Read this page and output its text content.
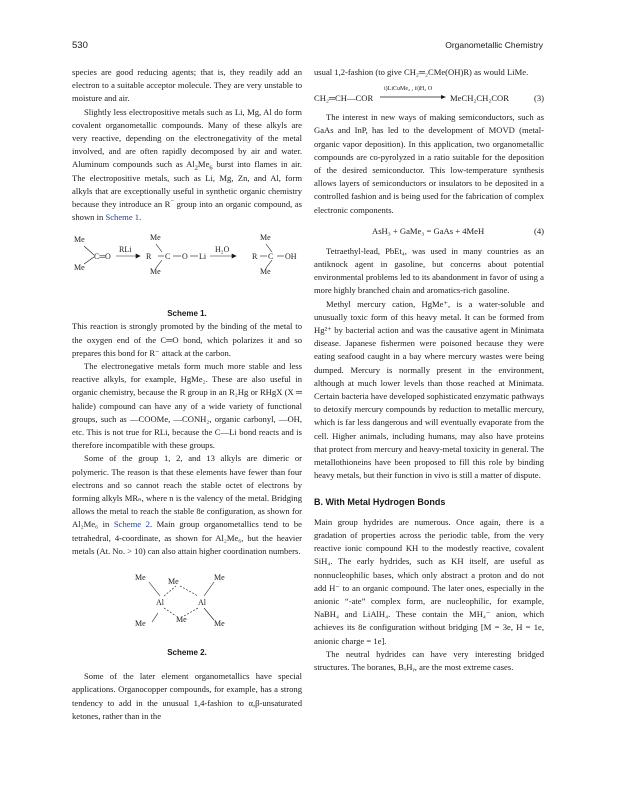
530	Organometallic Chemistry

species are good reducing agents; that is, they readily add an electron to a suitable acceptor molecule. They are very unstable to moisture and air.

Slightly less electropositive metals such as Li, Mg, Al do form covalent organometallic compounds. Many of these alkyls are very reactive, depending on the electronegativity of the metal involved, and are often rapidly decomposed by air and water. Aluminum compounds such as $Al_2Me_6$ burst into flames in air. The electropositive metals, such as Li, Mg, Zn, and Al, form alkyls that are exceptionally useful in synthetic organic chemistry because they introduce an R− group into an organic compound, as shown in Scheme 1.

Me
Me
C═O
RLi
Me
Me
R C O Li
H₂O
Me
Me
R C OH
Scheme 1.

This reaction is strongly promoted by the binding of the metal to the oxygen end of the C═O bond, which polarizes it and so prepares this bond for R⁻ attack at the carbon.

The electronegative metals form much more stable and less reactive alkyls, for example, HgMe₂. These are also useful in organic chemistry, because the R group in an R₂Hg or RHgX (X ═ halide) compound can have any of a wide variety of functional groups, such as —COOMe, —CONH₂, organic carbonyl, —OH, etc. This is not true for RLi, because the C—Li bond reacts and is therefore incompatible with these groups.

Some of the group 1, 2, and 13 alkyls are dimeric or polymeric. The reason is that these elements have fewer than four electrons and so cannot reach the stable octet of electrons by forming alkyls MRₙ, where n is the valency of the metal. Bridging allows the metal to reach the stable 8e configuration, as shown for Al₂Me₆ in Scheme 2. Main group organometallics tend to be tetrahedral, 4-coordinate, as shown for Al₂Me₆, but the heavier metals (At. No. > 10) can also attain higher coordination numbers.

Me	Me	Me
Al	Al
Me	Me	Me
Scheme 2.

Some of the later element organometallics have special applications. Organocopper compounds, for example, has a strong tendency to add in the unusual 1,4-fashion to α,β-unsaturated ketones, rather than in the

usual 1,2-fashion (to give CH₂═₂CMe(OH)R) as would LiMe.

i)LiCuMe₂ , ii)H₂ O
CH₂═CH—COR	MeCH₂CH₂COR	(3)

The interest in new ways of making semiconductors, such as GaAs and InP, has led to the development of MOVD (metal-organic vapor deposition). In this application, two organometallic compounds are co-pyrolyzed in a ratio suitable for the deposition of the desired semiconductor. This low-temperature synthesis allows layers of semiconductors or insulators to be deposited in a controlled fashion and is being used for the fabrication of complex electronic components.

AsH₃ + GaMe₃ = GaAs + 4MeH	(4)

Tetraethyl-lead, PbEt₄, was used in many countries as an antiknock agent in gasoline, but concerns about potential environmental problems led to its abandonment in favor of using a more highly branched chain and aromatics-rich gasoline.

Methyl mercury cation, HgMe⁺, is a water-soluble and unusually toxic form of this heavy metal. It can be formed from Hg²⁺ by bacterial action and was the causative agent in Minimata disease. Japanese fishermen were poisoned because they were eating seafood caught in a bay where mercury wastes were being dumped. Mercury is normally present in the environment, although at much lower levels than those reached at Minimata. Certain bacteria have developed sophisticated enzymatic pathways to detoxify mercury compounds by reduction to metallic mercury, which is far less dangerous and will eventually evaporate from the cell. Higher animals, including humans, may also have proteins that protect from mercury and heavy-metal toxicity in general. The metallothioneins have been proposed to fill this role by binding heavy metals, but their function in vivo is still a matter of dispute.

B. With Metal Hydrogen Bonds

Main group hydrides are numerous. Once again, there is a gradation of properties across the periodic table, from the very reactive ionic compound KH to the modestly reactive, covalent SiH₄. The early hydrides, such as KH itself, are useful as nonnucleophilic bases, which only abstract a proton and do not add H⁻ to an organic compound. The later ones, especially in the anionic “-ate” complex form, are nucleophilic, for example, NaBH₄ and LiAlH₄. These contain the MH₄⁻ anion, which achieves its 8e configuration without bridging [M = 3e, H = 1e, anionic charge = 1e].

The neutral hydrides can have very interesting bridged structures. The boranes, BₓHᵧ, are the most extreme cases.
